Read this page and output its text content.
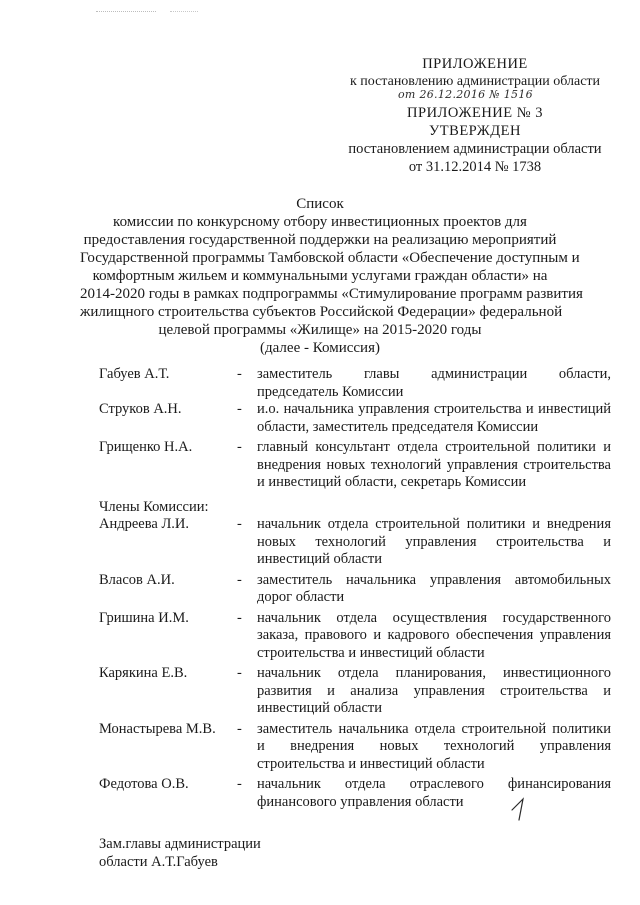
ПРИЛОЖЕНИЕ
к постановлению администрации области
от 26.12.2016 № 1516
ПРИЛОЖЕНИЕ № 3
УТВЕРЖДЕН
постановлением администрации области
от 31.12.2014 № 1738
Список
комиссии по конкурсному отбору инвестиционных проектов для
предоставления государственной поддержки на реализацию мероприятий
Государственной программы Тамбовской области «Обеспечение доступным и
комфортным жильем и коммунальными услугами граждан области» на
2014-2020 годы в рамках подпрограммы «Стимулирование программ развития
жилищного строительства субъектов Российской Федерации» федеральной
целевой программы «Жилище» на 2015-2020 годы
(далее - Комиссия)
Габуев А.Т.	-	заместитель главы администрации области, председатель Комиссии
Струков А.Н.	-	и.о. начальника управления строительства и инвестиций области, заместитель председателя Комиссии
Грищенко Н.А.	-	главный консультант отдела строительной политики и внедрения новых технологий управления строительства и инвестиций области, секретарь Комиссии
Члены Комиссии:
Андреева Л.И.	-	начальник отдела строительной политики и внедрения новых технологий управления строительства и инвестиций области
Власов А.И.	-	заместитель начальника управления автомобильных дорог области
Гришина И.М.	-	начальник отдела осуществления государственного заказа, правового и кадрового обеспечения управления строительства и инвестиций области
Карякина Е.В.	-	начальник отдела планирования, инвестиционного развития и анализа управления строительства и инвестиций области
Монастырева М.В.	-	заместитель начальника отдела строительной политики и внедрения новых технологий управления строительства и инвестиций области
Федотова О.В.	-	начальник отдела отраслевого финансирования финансового управления области
Зам.главы администрации
области А.Т.Габуев
